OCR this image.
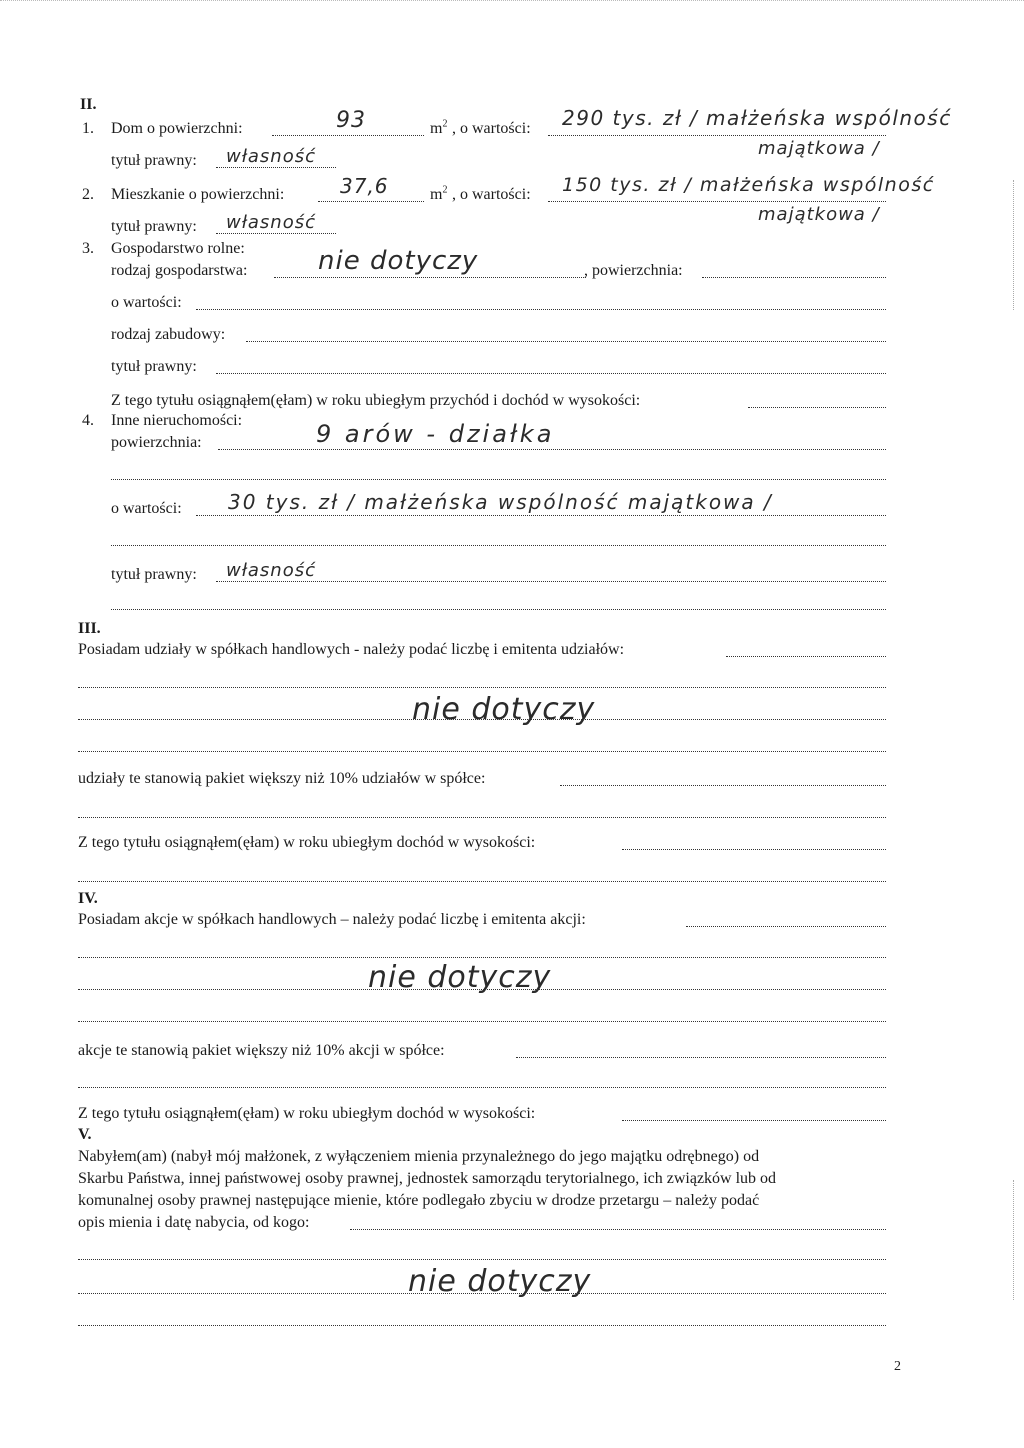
II.
1. Dom o powierzchni:	93	$m^2$ , o wartości: 290 tys. zł / małżeńska wspólność
majątkowa /
tytuł prawny: własność
2. Mieszkanie o powierzchni:	37,6	$m^2$ , o wartości: 150 tys. zł / małżeńska wspólność
majątkowa /
tytuł prawny: własność
3. Gospodarstwo rolne:
rodzaj gospodarstwa:	nie dotyczy	, powierzchnia:
o wartości:
rodzaj zabudowy:
tytuł prawny:
Z tego tytułu osiągnąłem(ęłam) w roku ubiegłym przychód i dochód w wysokości:
4. Inne nieruchomości:
powierzchnia:	9 arów - działka
o wartości: 30 tys. zł / małżeńska wspólność majątkowa /
tytuł prawny: własność
III.
Posiadam udziały w spółkach handlowych - należy podać liczbę i emitenta udziałów:
nie dotyczy
udziały te stanowią pakiet większy niż 10% udziałów w spółce:
Z tego tytułu osiągnąłem(ęłam) w roku ubiegłym dochód w wysokości:
IV.
Posiadam akcje w spółkach handlowych – należy podać liczbę i emitenta akcji:
nie dotyczy
akcje te stanowią pakiet większy niż 10% akcji w spółce:
Z tego tytułu osiągnąłem(ęłam) w roku ubiegłym dochód w wysokości:
V.
Nabyłem(am) (nabył mój małżonek, z wyłączeniem mienia przynależnego do jego majątku odrębnego) od
Skarbu Państwa, innej państwowej osoby prawnej, jednostek samorządu terytorialnego, ich związków lub od
komunalnej osoby prawnej następujące mienie, które podlegało zbyciu w drodze przetargu – należy podać
opis mienia i datę nabycia, od kogo:
nie dotyczy
2
